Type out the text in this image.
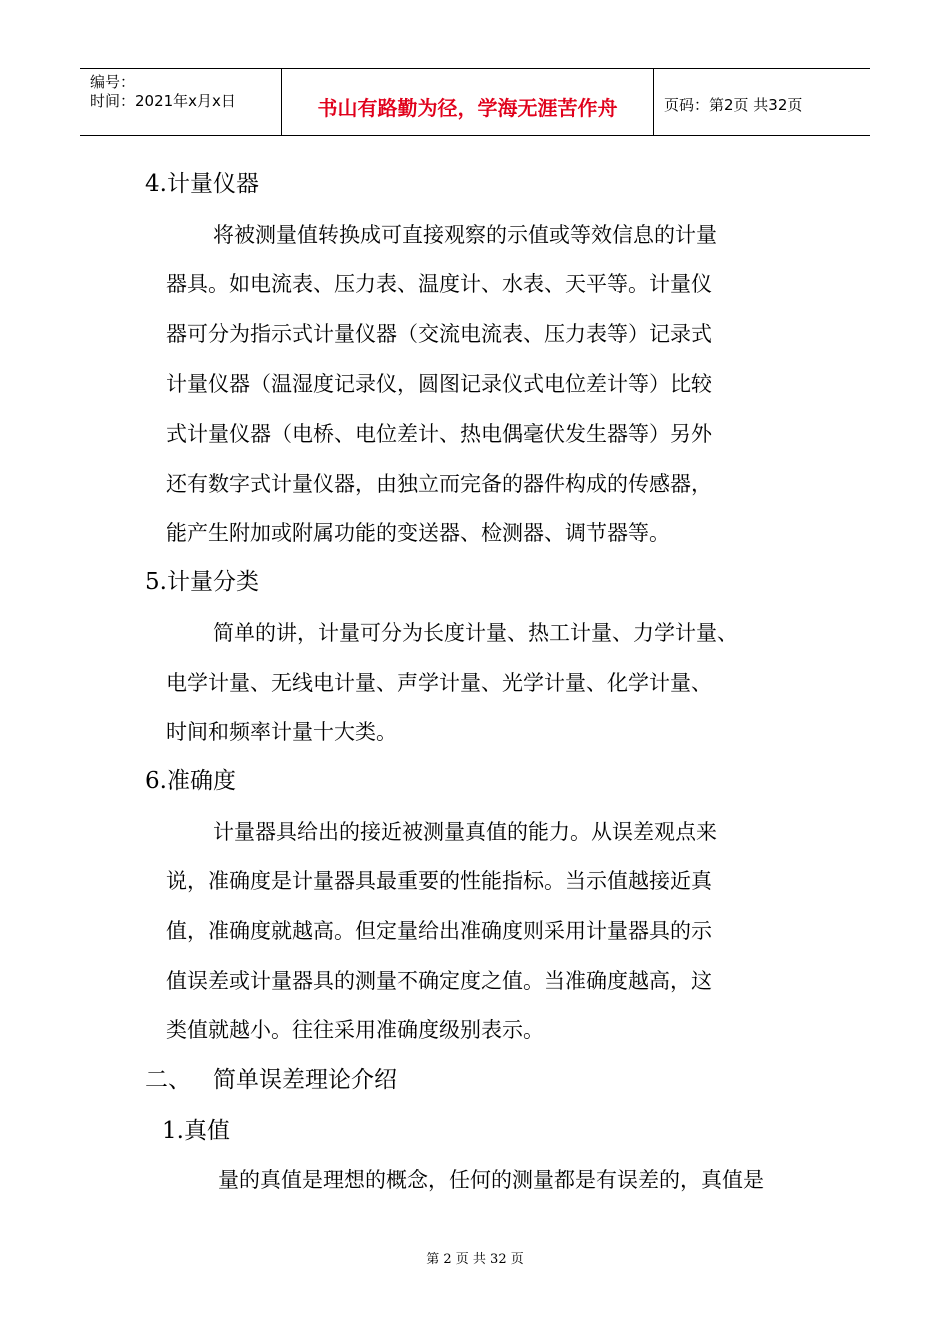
编号：
时间：2021年x月x日	书山有路勤为径，学海无涯苦作舟	页码：第2页 共32页
4.计量仪器
将被测量值转换成可直接观察的示值或等效信息的计量
器具。如电流表、压力表、温度计、水表、天平等。计量仪
器可分为指示式计量仪器（交流电流表、压力表等）记录式
计量仪器（温湿度记录仪，圆图记录仪式电位差计等）比较
式计量仪器（电桥、电位差计、热电偶毫伏发生器等）另外
还有数字式计量仪器，由独立而完备的器件构成的传感器，
能产生附加或附属功能的变送器、检测器、调节器等。
5.计量分类
简单的讲，计量可分为长度计量、热工计量、力学计量、
电学计量、无线电计量、声学计量、光学计量、化学计量、
时间和频率计量十大类。
6.准确度
计量器具给出的接近被测量真值的能力。从误差观点来
说，准确度是计量器具最重要的性能指标。当示值越接近真
值，准确度就越高。但定量给出准确度则采用计量器具的示
值误差或计量器具的测量不确定度之值。当准确度越高，这
类值就越小。往往采用准确度级别表示。
二、 简单误差理论介绍
1.真值
量的真值是理想的概念，任何的测量都是有误差的，真值是
第 2 页 共 32 页
